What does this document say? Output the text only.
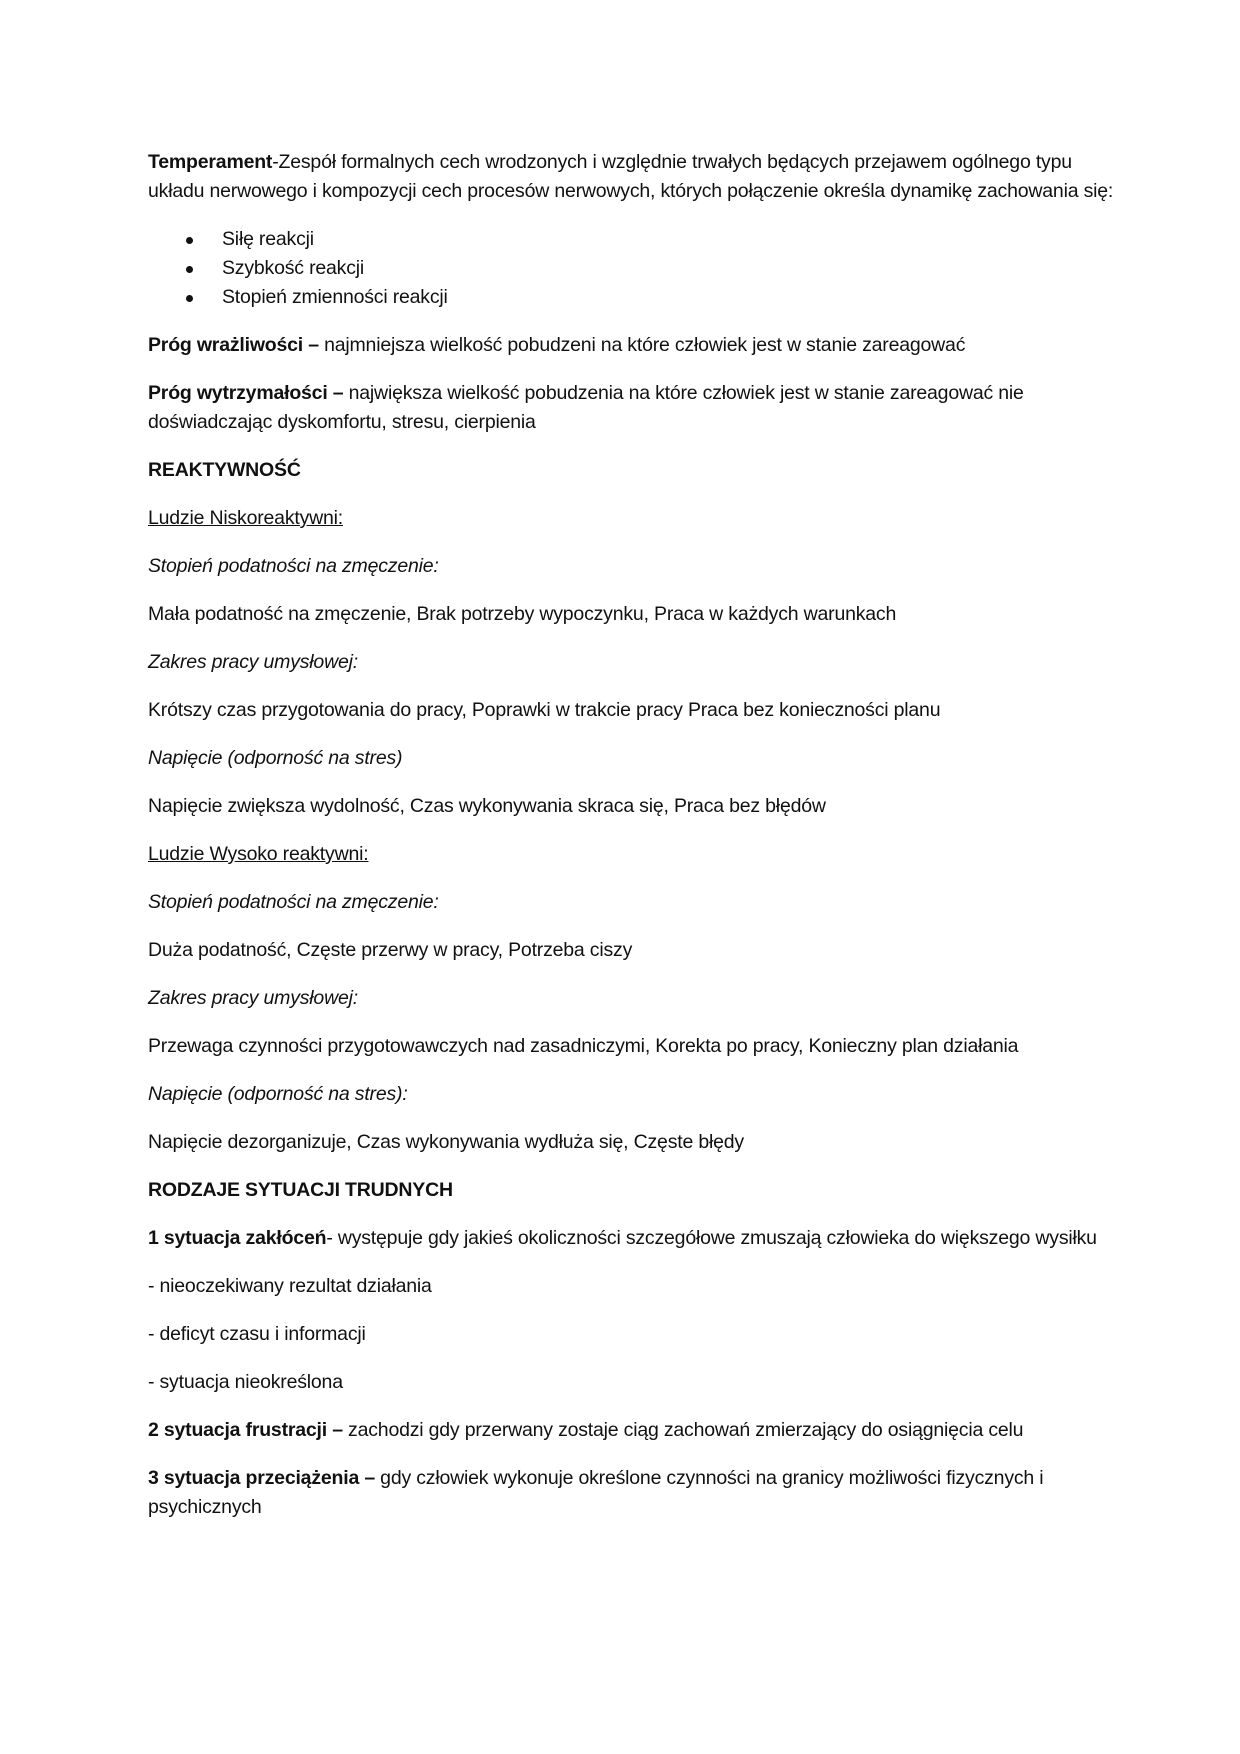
Temperament-Zespół formalnych cech wrodzonych i względnie trwałych będących przejawem ogólnego typu układu nerwowego i kompozycji cech procesów nerwowych, których połączenie określa dynamikę zachowania się:

Siłę reakcji
Szybkość reakcji
Stopień zmienności reakcji

Próg wrażliwości – najmniejsza wielkość pobudzeni na które człowiek jest w stanie zareagować

Próg wytrzymałości – największa wielkość pobudzenia na które człowiek jest w stanie zareagować nie doświadczając dyskomfortu, stresu, cierpienia

REAKTYWNOŚĆ

Ludzie Niskoreaktywni:

Stopień podatności na zmęczenie:

Mała podatność na zmęczenie, Brak potrzeby wypoczynku, Praca w każdych warunkach

Zakres pracy umysłowej:

Krótszy czas przygotowania do pracy, Poprawki w trakcie pracy Praca bez konieczności planu

Napięcie (odporność na stres)

Napięcie zwiększa wydolność, Czas wykonywania skraca się, Praca bez błędów

Ludzie Wysoko reaktywni:

Stopień podatności na zmęczenie:

Duża podatność, Częste przerwy w pracy, Potrzeba ciszy

Zakres pracy umysłowej:

Przewaga czynności przygotowawczych nad zasadniczymi, Korekta po pracy, Konieczny plan działania

Napięcie (odporność na stres):

Napięcie dezorganizuje, Czas wykonywania wydłuża się, Częste błędy

RODZAJE SYTUACJI TRUDNYCH

1 sytuacja zakłóceń- występuje gdy jakieś okoliczności szczegółowe zmuszają człowieka do większego wysiłku

- nieoczekiwany rezultat działania

- deficyt czasu i informacji

- sytuacja nieokreślona

2 sytuacja frustracji – zachodzi gdy przerwany zostaje ciąg zachowań zmierzający do osiągnięcia celu

3 sytuacja przeciążenia – gdy człowiek wykonuje określone czynności na granicy możliwości fizycznych i psychicznych
